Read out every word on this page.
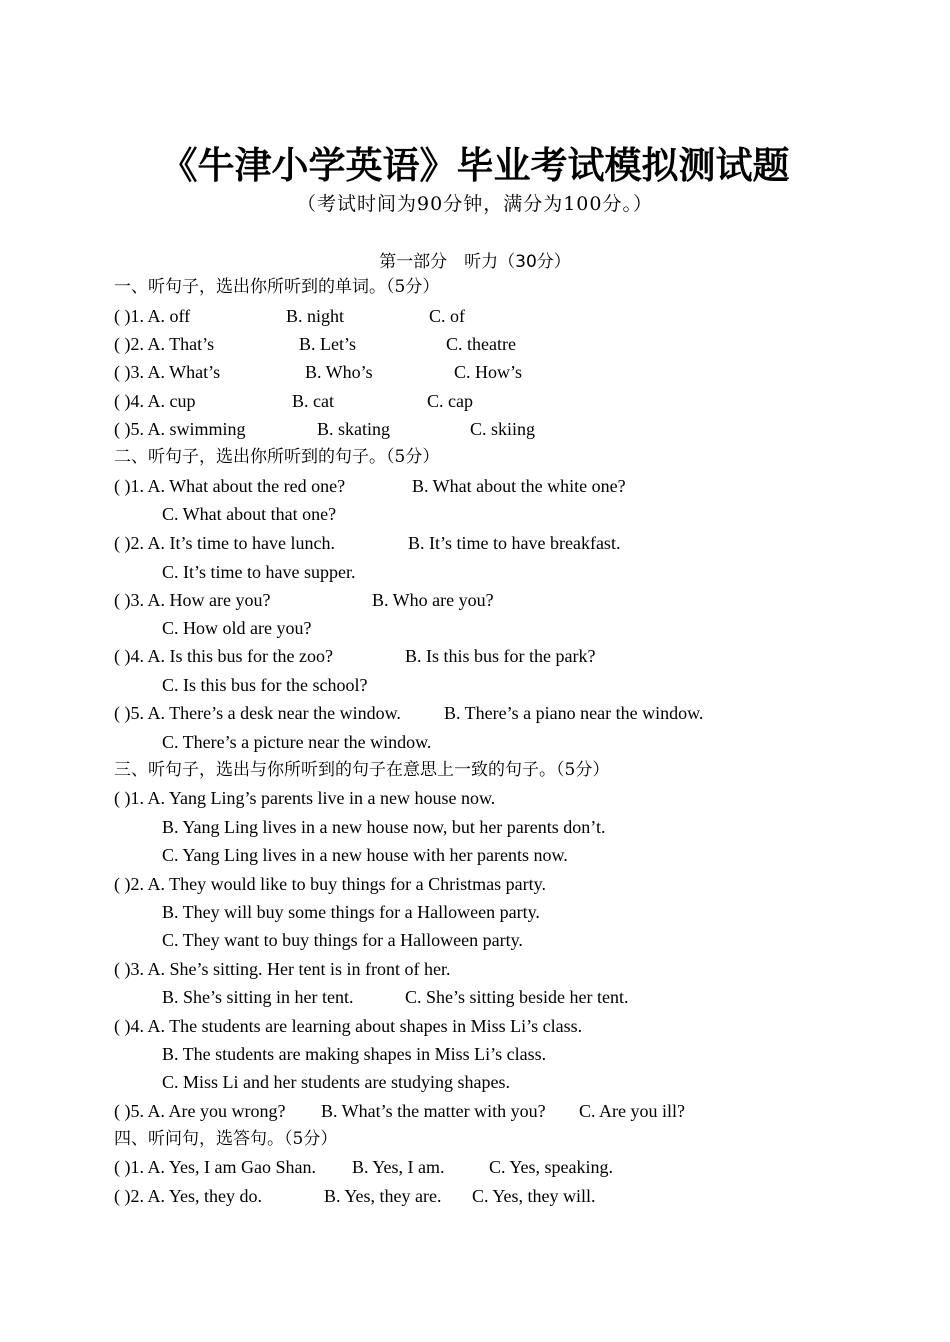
《牛津小学英语》毕业考试模拟测试题
（考试时间为90分钟，满分为100分。）
第一部分　听力（30分）
一、听句子，选出你所听到的单词。（5分）
( )1. A. off	B. night	C. of
( )2. A. That’s	B. Let’s	C. theatre
( )3. A. What’s	B. Who’s	C. How’s
( )4. A. cup	B. cat	C. cap
( )5. A. swimming	B. skating	C. skiing
二、听句子，选出你所听到的句子。（5分）
( )1. A. What about the red one?	B. What about the white one?
C. What about that one?
( )2. A. It’s time to have lunch.	B. It’s time to have breakfast.
C. It’s time to have supper.
( )3. A. How are you?	B. Who are you?
C. How old are you?
( )4. A. Is this bus for the zoo?	B. Is this bus for the park?
C. Is this bus for the school?
( )5. A. There’s a desk near the window. B. There’s a piano near the window.
C. There’s a picture near the window.
三、听句子，选出与你所听到的句子在意思上一致的句子。（5分）
( )1. A. Yang Ling’s parents live in a new house now.
B. Yang Ling lives in a new house now, but her parents don’t.
C. Yang Ling lives in a new house with her parents now.
( )2. A. They would like to buy things for a Christmas party.
B. They will buy some things for a Halloween party.
C. They want to buy things for a Halloween party.
( )3. A. She’s sitting. Her tent is in front of her.
B. She’s sitting in her tent.	C. She’s sitting beside her tent.
( )4. A. The students are learning about shapes in Miss Li’s class.
B. The students are making shapes in Miss Li’s class.
C. Miss Li and her students are studying shapes.
( )5. A. Are you wrong? B. What’s the matter with you? C. Are you ill?
四、听问句，选答句。（5分）
( )1. A. Yes, I am Gao Shan. B. Yes, I am. C. Yes, speaking.
( )2. A. Yes, they do.	B. Yes, they are. C. Yes, they will.
